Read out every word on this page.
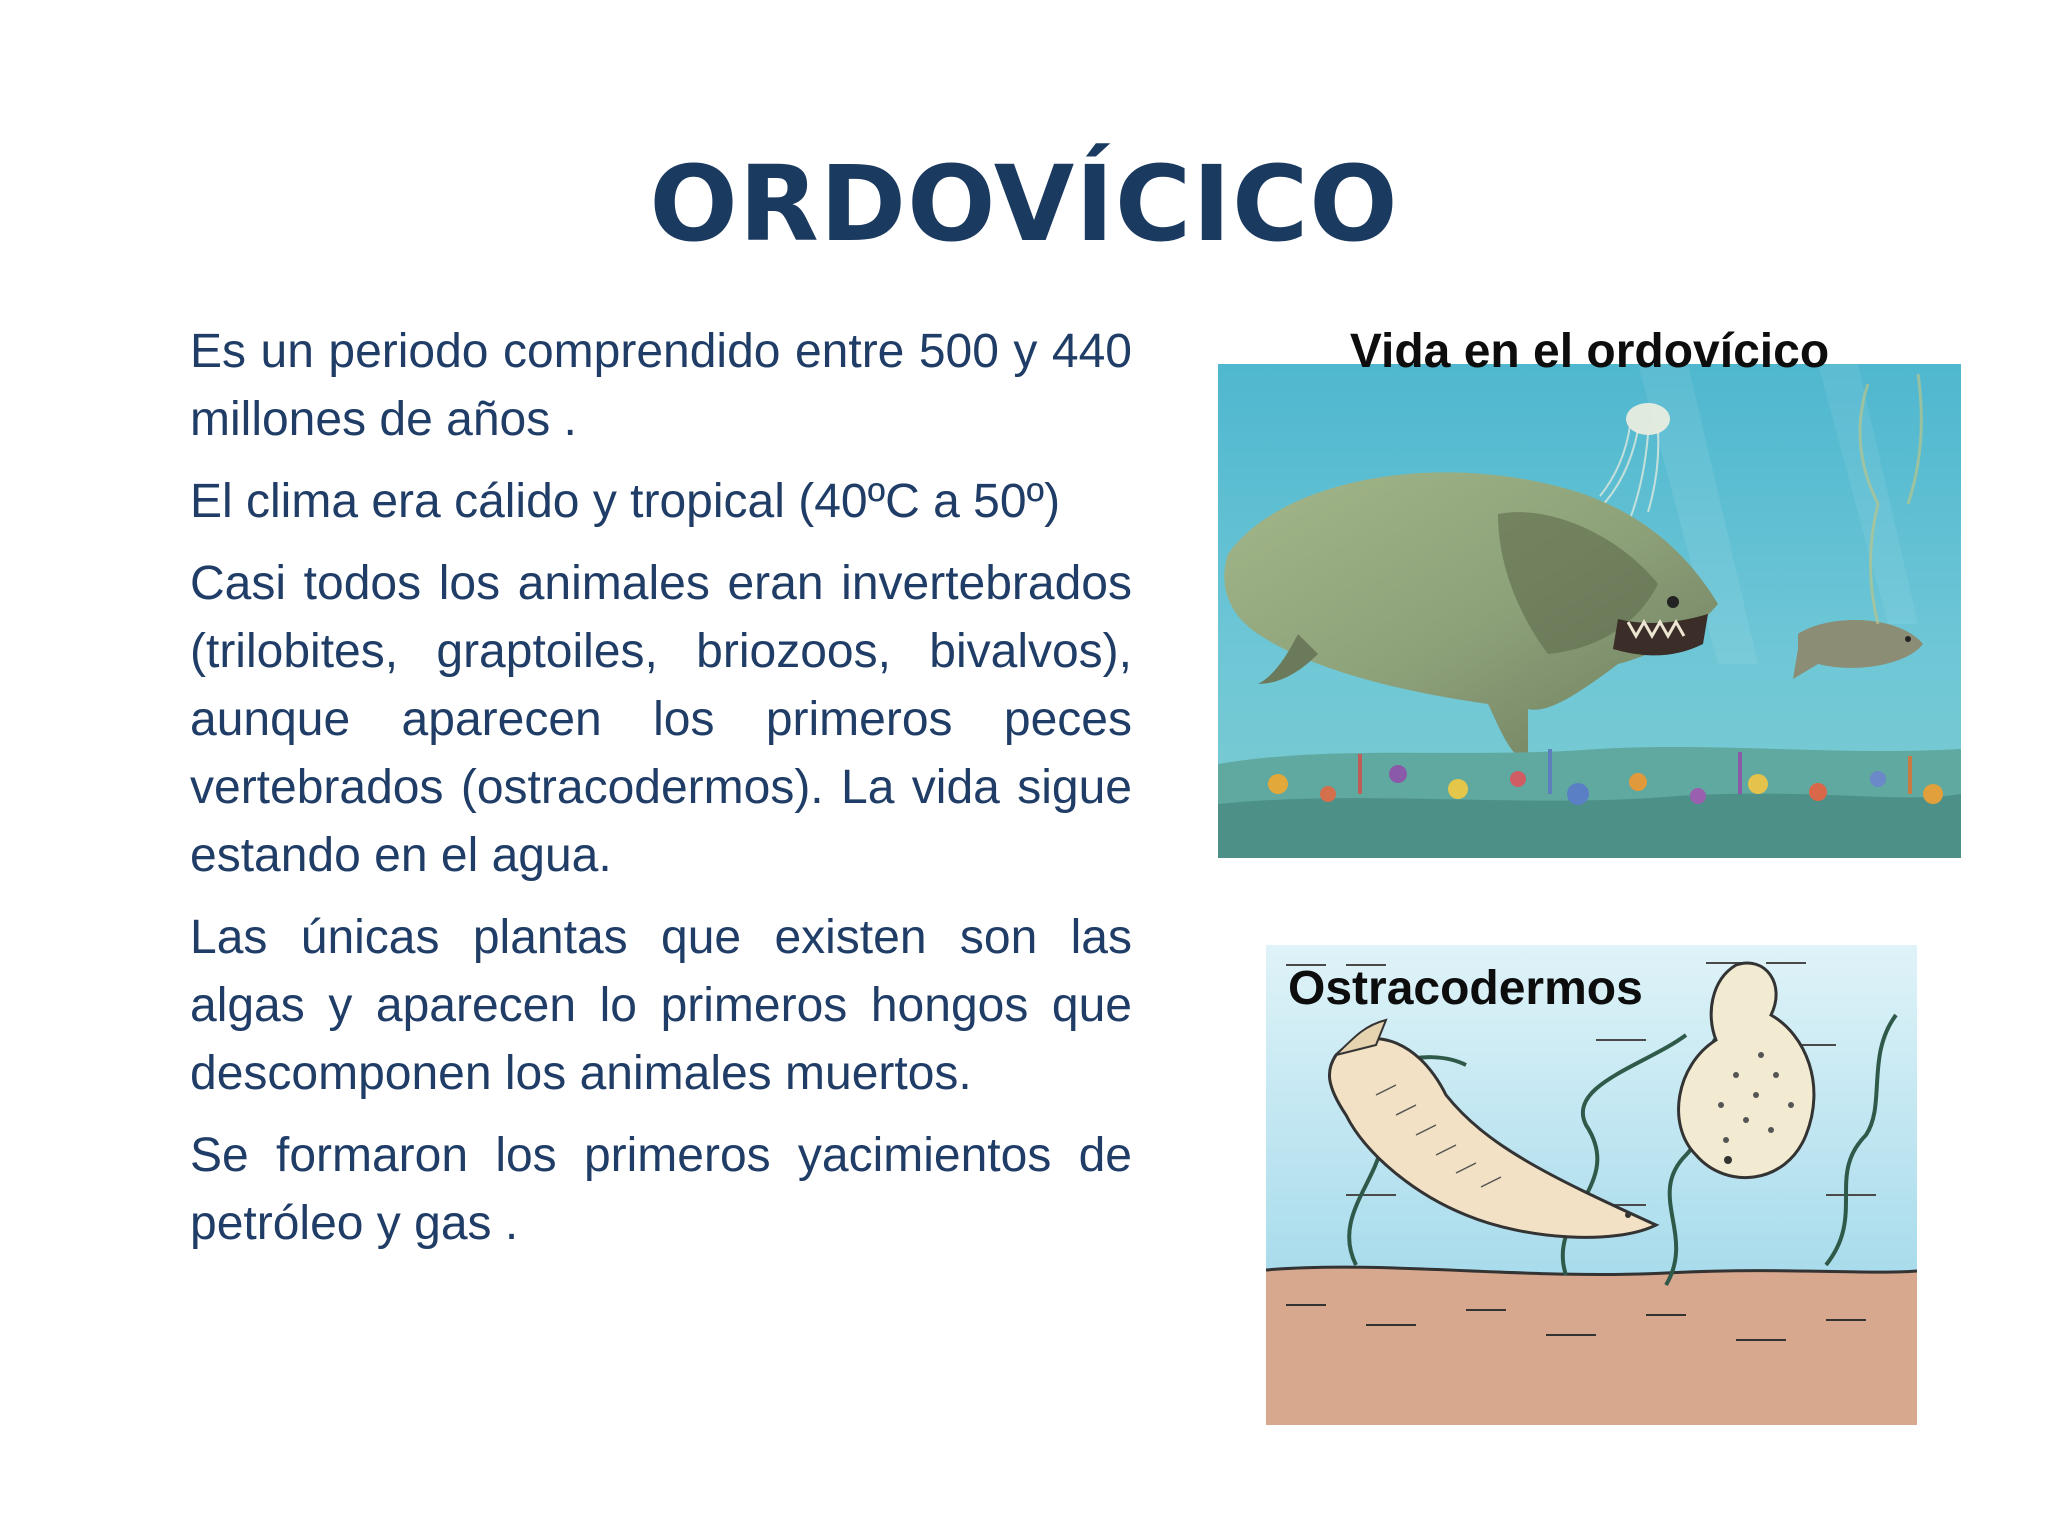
ORDOVÍCICO

Es un periodo comprendido entre 500 y 440 millones de años .

El clima era cálido y tropical (40ºC a 50º)

Casi todos los animales eran invertebrados (trilobites, graptoiles, briozoos, bivalvos), aunque aparecen los primeros peces vertebrados (ostracodermos). La vida sigue estando en el agua.

Las únicas plantas que existen son las algas y aparecen lo primeros hongos que descomponen los animales muertos.

Se formaron los primeros yacimientos de petróleo y gas .

Vida en el ordovícico
Ostracodermos
